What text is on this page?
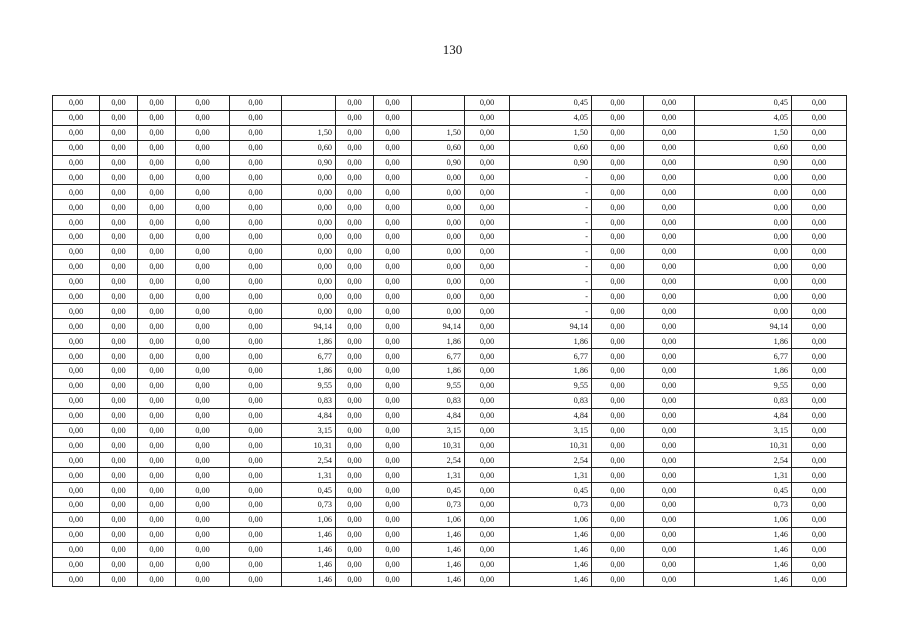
130
0,00	0,00	0,00	0,00	0,00		0,00	0,00		0,00	0,45	0,00	0,00	0,45	0,00
0,00	0,00	0,00	0,00	0,00		0,00	0,00		0,00	4,05	0,00	0,00	4,05	0,00
0,00	0,00	0,00	0,00	0,00	1,50	0,00	0,00	1,50	0,00	1,50	0,00	0,00	1,50	0,00
0,00	0,00	0,00	0,00	0,00	0,60	0,00	0,00	0,60	0,00	0,60	0,00	0,00	0,60	0,00
0,00	0,00	0,00	0,00	0,00	0,90	0,00	0,00	0,90	0,00	0,90	0,00	0,00	0,90	0,00
0,00	0,00	0,00	0,00	0,00	0,00	0,00	0,00	0,00	0,00	-	0,00	0,00	0,00	0,00
0,00	0,00	0,00	0,00	0,00	0,00	0,00	0,00	0,00	0,00	-	0,00	0,00	0,00	0,00
0,00	0,00	0,00	0,00	0,00	0,00	0,00	0,00	0,00	0,00	-	0,00	0,00	0,00	0,00
0,00	0,00	0,00	0,00	0,00	0,00	0,00	0,00	0,00	0,00	-	0,00	0,00	0,00	0,00
0,00	0,00	0,00	0,00	0,00	0,00	0,00	0,00	0,00	0,00	-	0,00	0,00	0,00	0,00
0,00	0,00	0,00	0,00	0,00	0,00	0,00	0,00	0,00	0,00	-	0,00	0,00	0,00	0,00
0,00	0,00	0,00	0,00	0,00	0,00	0,00	0,00	0,00	0,00	-	0,00	0,00	0,00	0,00
0,00	0,00	0,00	0,00	0,00	0,00	0,00	0,00	0,00	0,00	-	0,00	0,00	0,00	0,00
0,00	0,00	0,00	0,00	0,00	0,00	0,00	0,00	0,00	0,00	-	0,00	0,00	0,00	0,00
0,00	0,00	0,00	0,00	0,00	0,00	0,00	0,00	0,00	0,00	-	0,00	0,00	0,00	0,00
0,00	0,00	0,00	0,00	0,00	94,14	0,00	0,00	94,14	0,00	94,14	0,00	0,00	94,14	0,00
0,00	0,00	0,00	0,00	0,00	1,86	0,00	0,00	1,86	0,00	1,86	0,00	0,00	1,86	0,00
0,00	0,00	0,00	0,00	0,00	6,77	0,00	0,00	6,77	0,00	6,77	0,00	0,00	6,77	0,00
0,00	0,00	0,00	0,00	0,00	1,86	0,00	0,00	1,86	0,00	1,86	0,00	0,00	1,86	0,00
0,00	0,00	0,00	0,00	0,00	9,55	0,00	0,00	9,55	0,00	9,55	0,00	0,00	9,55	0,00
0,00	0,00	0,00	0,00	0,00	0,83	0,00	0,00	0,83	0,00	0,83	0,00	0,00	0,83	0,00
0,00	0,00	0,00	0,00	0,00	4,84	0,00	0,00	4,84	0,00	4,84	0,00	0,00	4,84	0,00
0,00	0,00	0,00	0,00	0,00	3,15	0,00	0,00	3,15	0,00	3,15	0,00	0,00	3,15	0,00
0,00	0,00	0,00	0,00	0,00	10,31	0,00	0,00	10,31	0,00	10,31	0,00	0,00	10,31	0,00
0,00	0,00	0,00	0,00	0,00	2,54	0,00	0,00	2,54	0,00	2,54	0,00	0,00	2,54	0,00
0,00	0,00	0,00	0,00	0,00	1,31	0,00	0,00	1,31	0,00	1,31	0,00	0,00	1,31	0,00
0,00	0,00	0,00	0,00	0,00	0,45	0,00	0,00	0,45	0,00	0,45	0,00	0,00	0,45	0,00
0,00	0,00	0,00	0,00	0,00	0,73	0,00	0,00	0,73	0,00	0,73	0,00	0,00	0,73	0,00
0,00	0,00	0,00	0,00	0,00	1,06	0,00	0,00	1,06	0,00	1,06	0,00	0,00	1,06	0,00
0,00	0,00	0,00	0,00	0,00	1,46	0,00	0,00	1,46	0,00	1,46	0,00	0,00	1,46	0,00
0,00	0,00	0,00	0,00	0,00	1,46	0,00	0,00	1,46	0,00	1,46	0,00	0,00	1,46	0,00
0,00	0,00	0,00	0,00	0,00	1,46	0,00	0,00	1,46	0,00	1,46	0,00	0,00	1,46	0,00
0,00	0,00	0,00	0,00	0,00	1,46	0,00	0,00	1,46	0,00	1,46	0,00	0,00	1,46	0,00
